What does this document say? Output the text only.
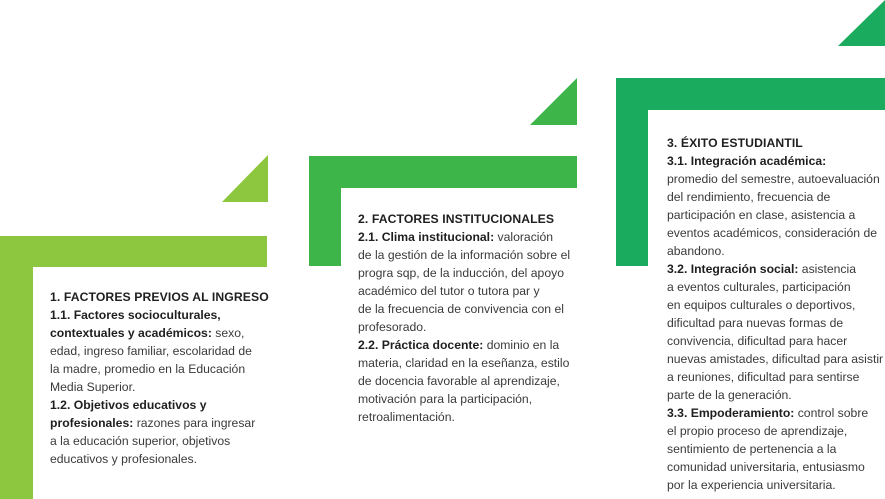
1. FACTORES PREVIOS AL INGRESO
1.1. Factores socioculturales,
contextuales y académicos: sexo,
edad, ingreso familiar, escolaridad de
la madre, promedio en la Educación
Media Superior.
1.2. Objetivos educativos y
profesionales: razones para ingresar
a la educación superior, objetivos
educativos y profesionales.
2. FACTORES INSTITUCIONALES
2.1. Clima institucional: valoración
de la gestión de la información sobre el
progra sqp, de la inducción, del apoyo
académico del tutor o tutora par y
de la frecuencia de convivencia con el
profesorado.
2.2. Práctica docente: dominio en la
materia, claridad en la eseñanza, estilo
de docencia favorable al aprendizaje,
motivación para la participación,
retroalimentación.
3. ÉXITO ESTUDIANTIL
3.1. Integración académica:
promedio del semestre, autoevaluación
del rendimiento, frecuencia de
participación en clase, asistencia a
eventos académicos, consideración de
abandono.
3.2. Integración social: asistencia
a eventos culturales, participación
en equipos culturales o deportivos,
dificultad para nuevas formas de
convivencia, dificultad para hacer
nuevas amistades, dificultad para asistir
a reuniones, dificultad para sentirse
parte de la generación.
3.3. Empoderamiento: control sobre
el propio proceso de aprendizaje,
sentimiento de pertenencia a la
comunidad universitaria, entusiasmo
por la experiencia universitaria.
